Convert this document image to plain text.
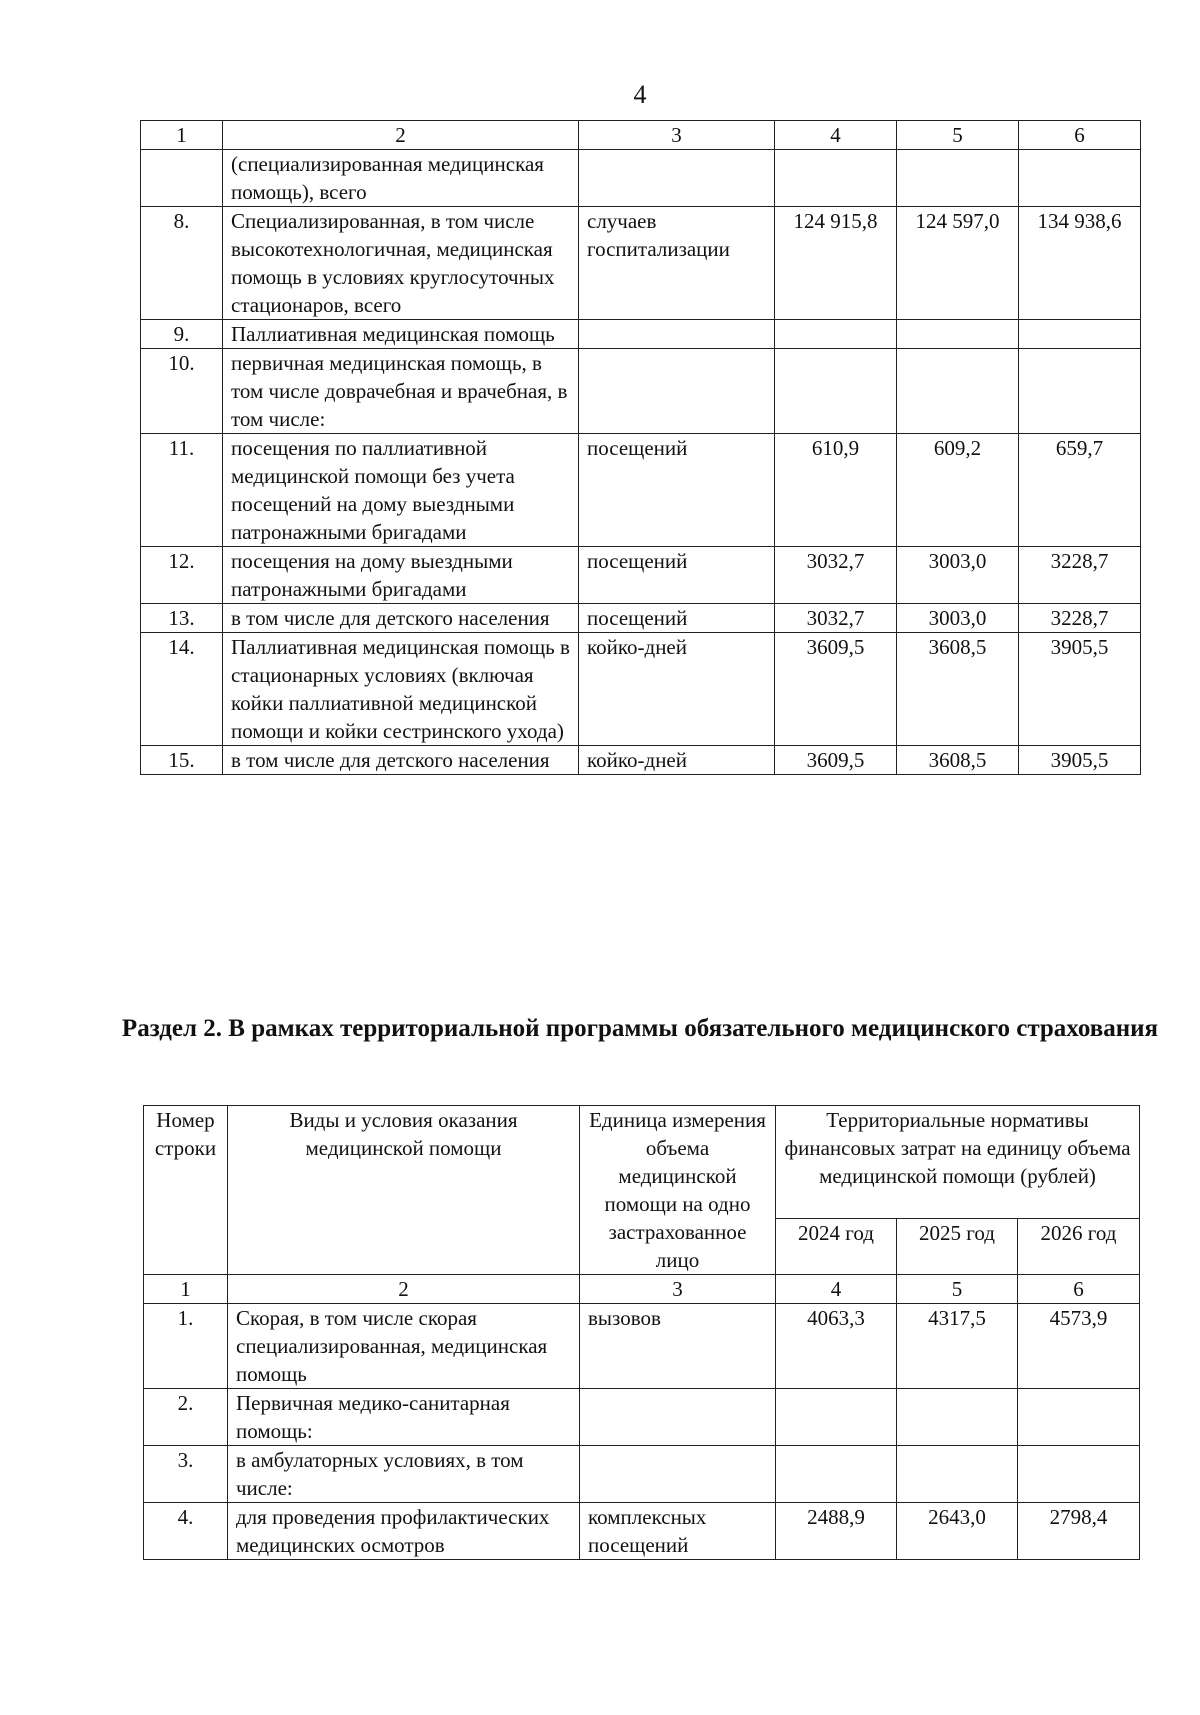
4
1	2	3	4	5	6
	(специализированная медицинская помощь), всего				
8.	Специализированная, в том числе высокотехнологичная, медицинская помощь в условиях круглосуточных стационаров, всего	случаев госпитализации	124 915,8	124 597,0	134 938,6
9.	Паллиативная медицинская помощь				
10.	первичная медицинская помощь, в том числе доврачебная и врачебная, в том числе:				
11.	посещения по паллиативной медицинской помощи без учета посещений на дому выездными патронажными бригадами	посещений	610,9	609,2	659,7
12.	посещения на дому выездными патронажными бригадами	посещений	3032,7	3003,0	3228,7
13.	в том числе для детского населения	посещений	3032,7	3003,0	3228,7
14.	Паллиативная медицинская помощь в стационарных условиях (включая койки паллиативной медицинской помощи и койки сестринского ухода)	койко-дней	3609,5	3608,5	3905,5
15.	в том числе для детского населения	койко-дней	3609,5	3608,5	3905,5
Раздел 2. В рамках территориальной программы обязательного медицинского страхования
Номер строки	Виды и условия оказания медицинской помощи	Единица измерения объема медицинской помощи на одно застрахованное лицо	Территориальные нормативы финансовых затрат на единицу объема медицинской помощи (рублей)		
			2024 год	2025 год	2026 год
1	2	3	4	5	6
1.	Скорая, в том числе скорая специализированная, медицинская помощь	вызовов	4063,3	4317,5	4573,9
2.	Первичная медико-санитарная помощь:				
3.	в амбулаторных условиях, в том числе:				
4.	для проведения профилактических медицинских осмотров	комплексных посещений	2488,9	2643,0	2798,4
